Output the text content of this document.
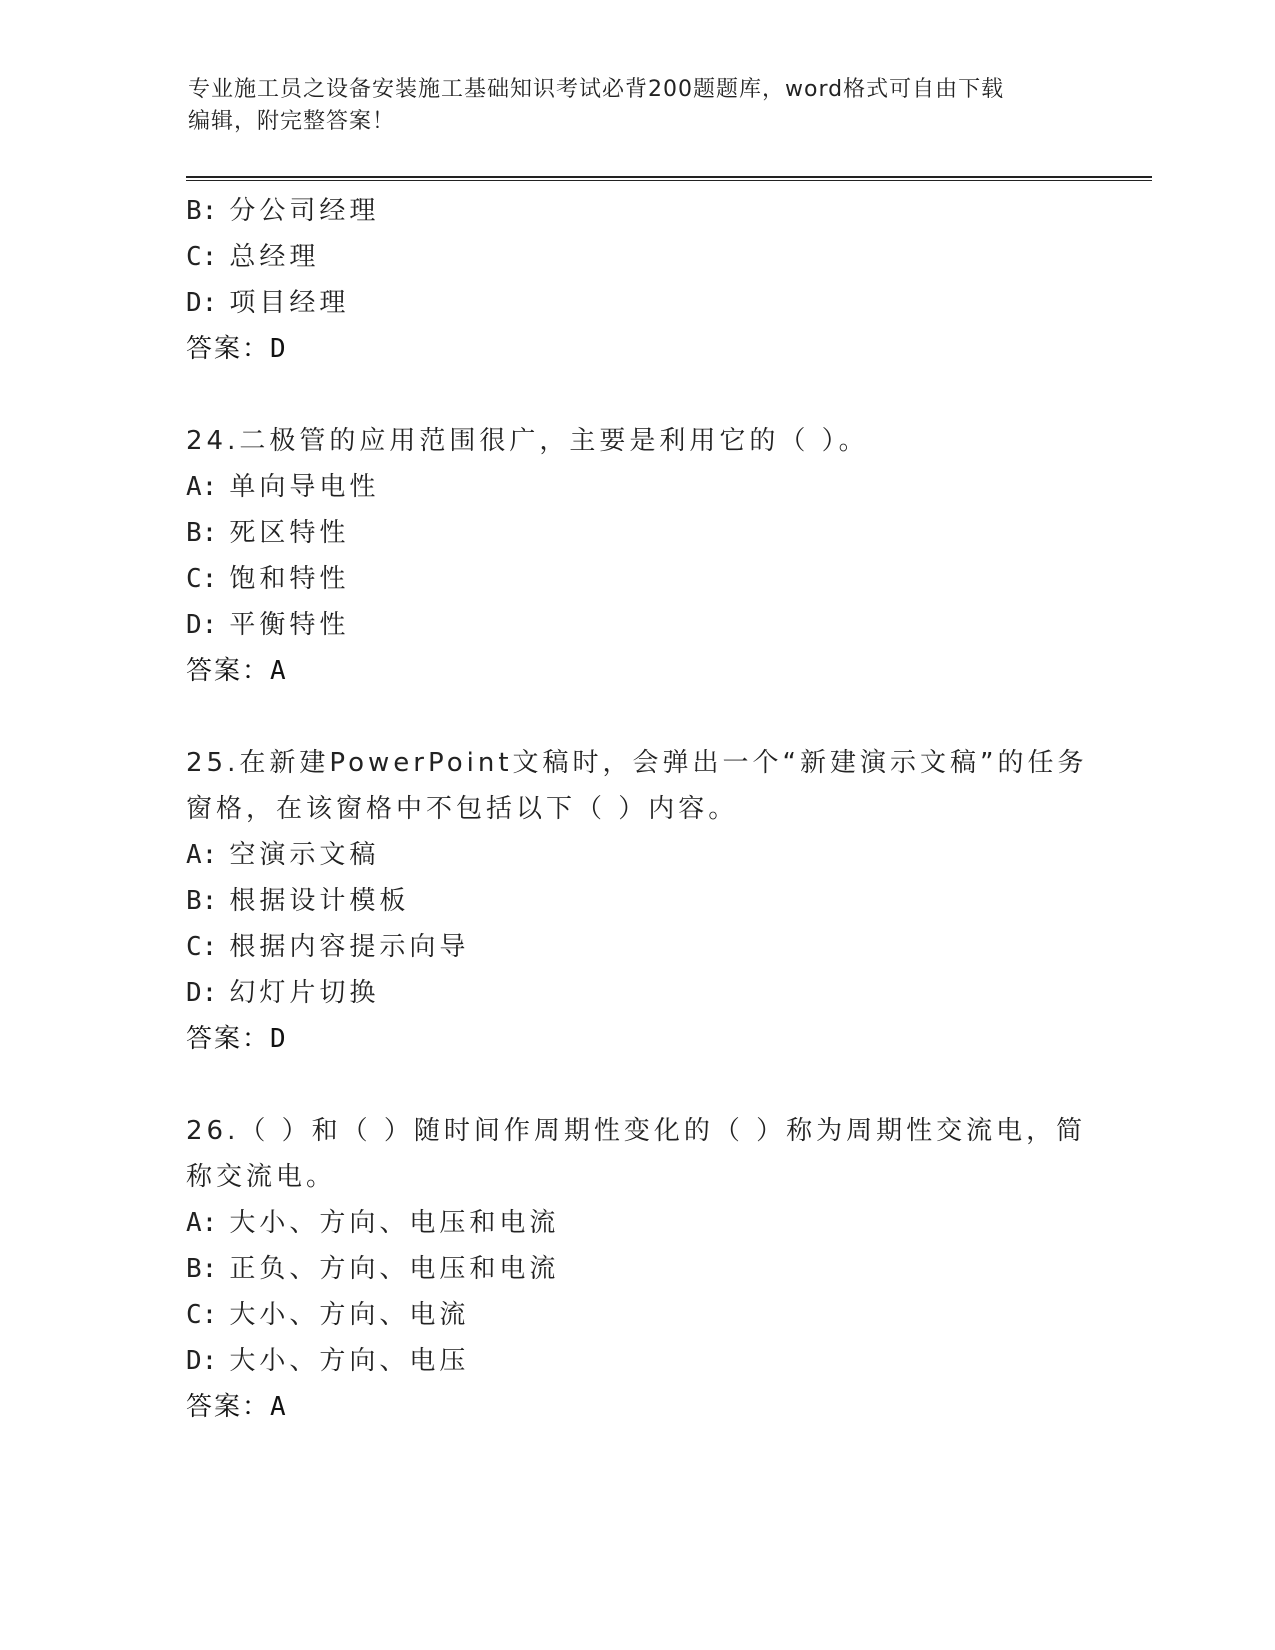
专业施工员之设备安装施工基础知识考试必背200题题库，word格式可自由下载
编辑，附完整答案！
B: 分公司经理
C: 总经理
D: 项目经理
答案：D
24.二极管的应用范围很广，主要是利用它的（ ）。
A: 单向导电性
B: 死区特性
C: 饱和特性
D: 平衡特性
答案：A
25.在新建PowerPoint文稿时，会弹出一个“新建演示文稿”的任务
窗格，在该窗格中不包括以下（ ）内容。
A: 空演示文稿
B: 根据设计模板
C: 根据内容提示向导
D: 幻灯片切换
答案：D
26.（ ）和（ ）随时间作周期性变化的（ ）称为周期性交流电，简
称交流电。
A: 大小、方向、电压和电流
B: 正负、方向、电压和电流
C: 大小、方向、电流
D: 大小、方向、电压
答案：A
